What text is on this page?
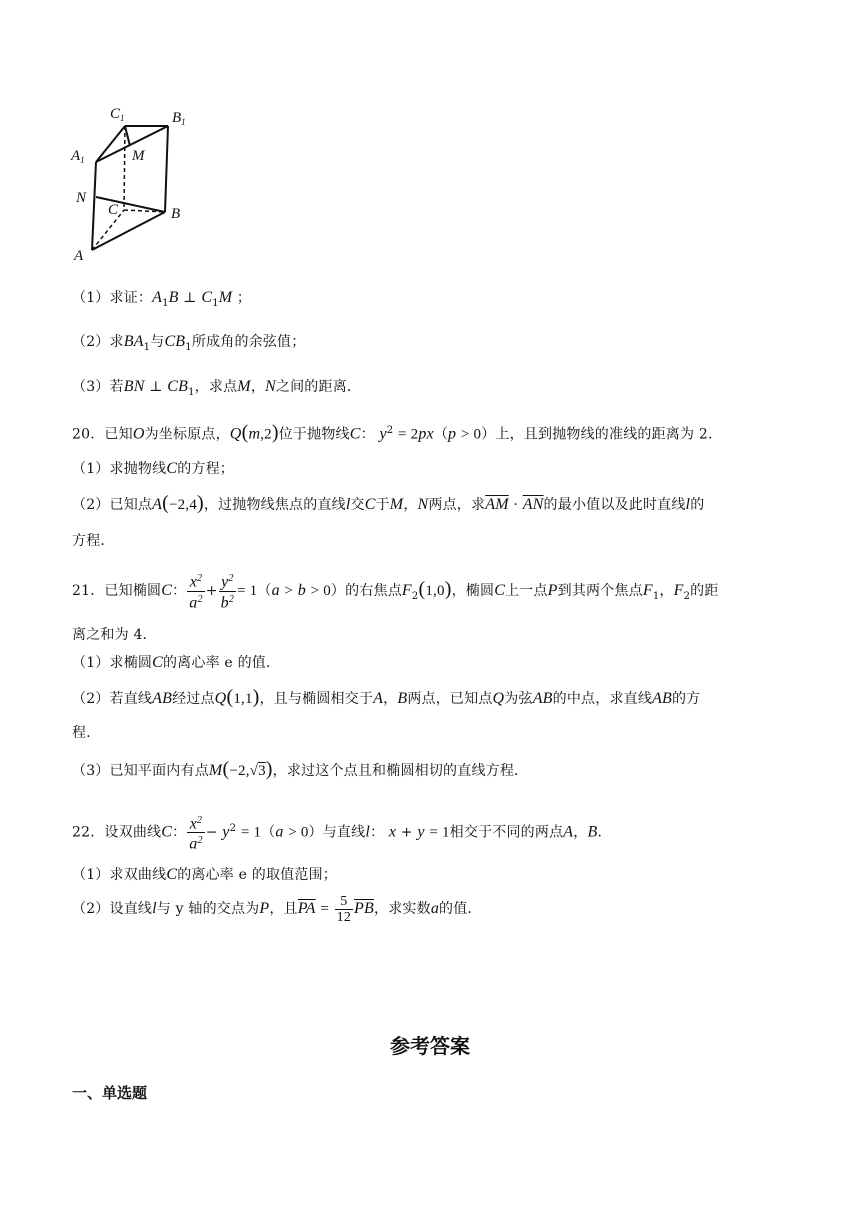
$C_1$	$B_1$
$A_1$	M
N
C	B
A
（1）求证：$A_1B$ ⊥ $C_1M$ ；
（2）求$BA_1$与$CB_1$所成角的余弦值；
（3）若BN ⊥ $CB_1$，求点M，N之间的距离．
20．已知O为坐标原点，Q(m,2)位于抛物线C： $y^2 = 2px(p > 0)$上，且到抛物线的准线的距离为 2．
（1）求抛物线C的方程；
（2）已知点A(−2,4)，过抛物线焦点的直线l交C于M，N两点，求$\overline{AM} \cdot \overline{AN}$的最小值以及此时直线l的
方程．
21．已知椭圆C： $\frac{x^2}{a^2} + \frac{y^2}{b^2} = 1(a > b > 0)$的右焦点$F_2(1,0)$，椭圆C上一点P到其两个焦点$F_1$，$F_2$的距
离之和为 4．
（1）求椭圆C的离心率 e 的值．
（2）若直线AB经过点Q(1,1)，且与椭圆相交于A，B两点，已知点Q为弦AB的中点，求直线AB的方
程．
（3）已知平面内有点M(−2,√3)，求过这个点且和椭圆相切的直线方程．
22．设双曲线C： $\frac{x^2}{a^2} - y^2 = 1(a > 0)$与直线l： x + y = 1相交于不同的两点A，B．
（1）求双曲线C的离心率 e 的取值范围；
（2）设直线l与 y 轴的交点为P，且$\overline{PA} = \frac{5}{12} \overline{PB}$，求实数a的值．
参考答案
一、单选题
